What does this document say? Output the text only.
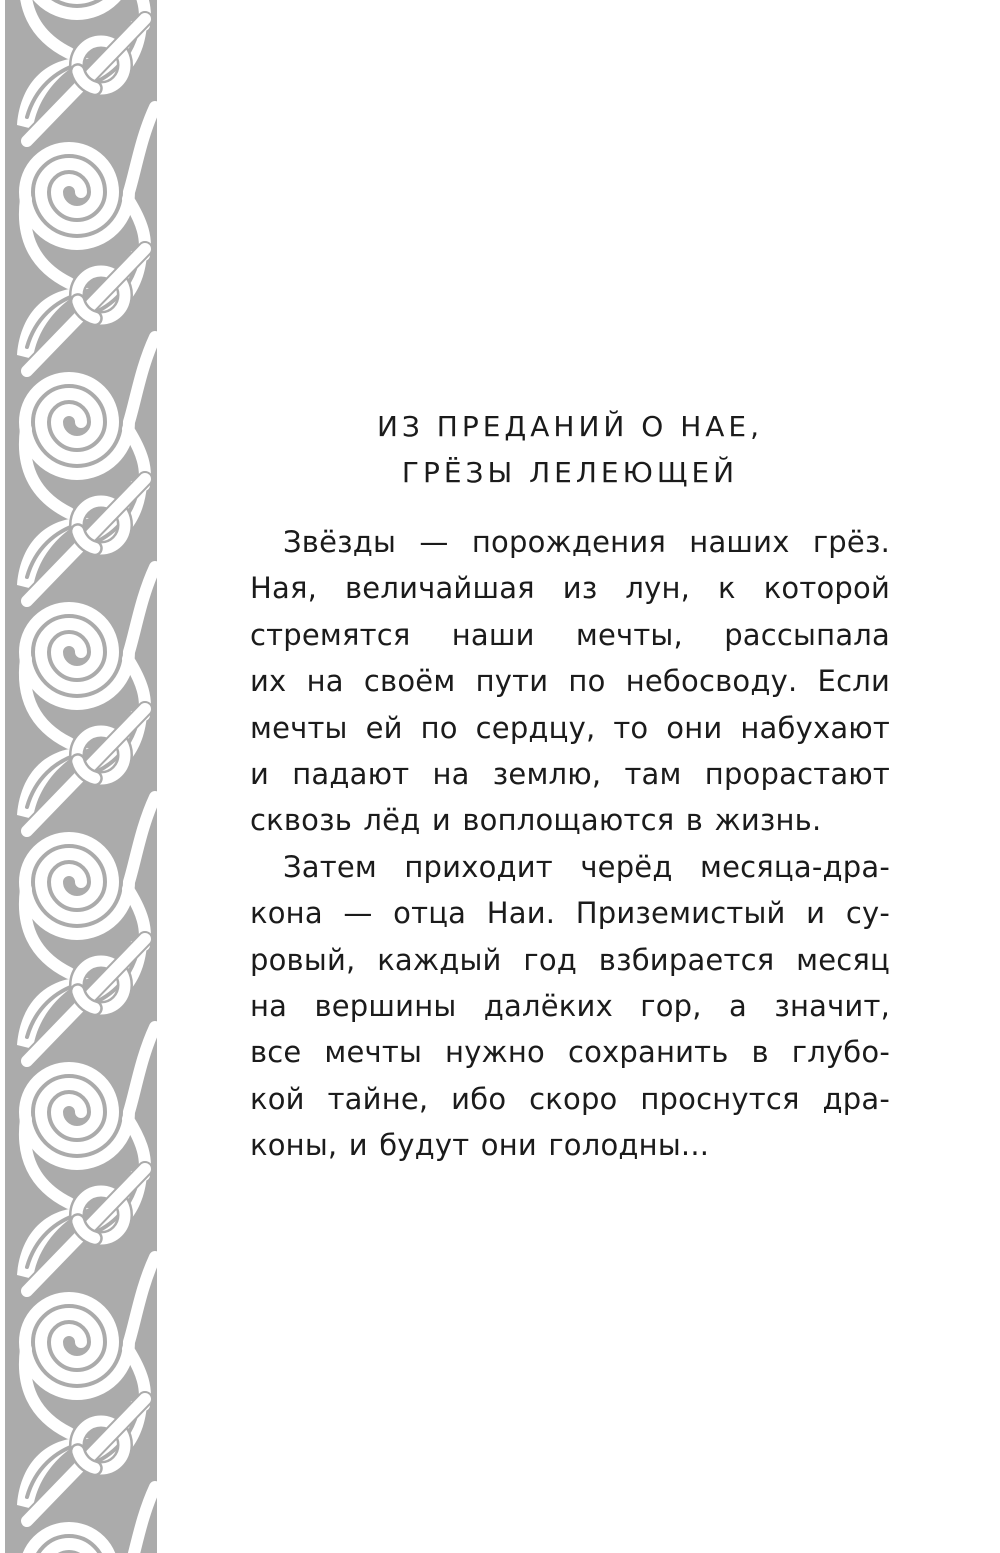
ИЗ ПРЕДАНИЙ О НАЕ,
ГРЁЗЫ ЛЕЛЕЮЩЕЙ
Звёзды — порождения наших грёз.
Ная, величайшая из лун, к которой
стремятся наши мечты, рассыпала
их на своём пути по небосводу. Если
мечты ей по сердцу, то они набухают
и падают на землю, там прорастают
сквозь лёд и воплощаются в жизнь.
Затем приходит черёд месяца-дра-
кона — отца Наи. Приземистый и су-
ровый, каждый год взбирается месяц
на вершины далёких гор, а значит,
все мечты нужно сохранить в глубо-
кой тайне, ибо скоро проснутся дра-
коны, и будут они голодны...
